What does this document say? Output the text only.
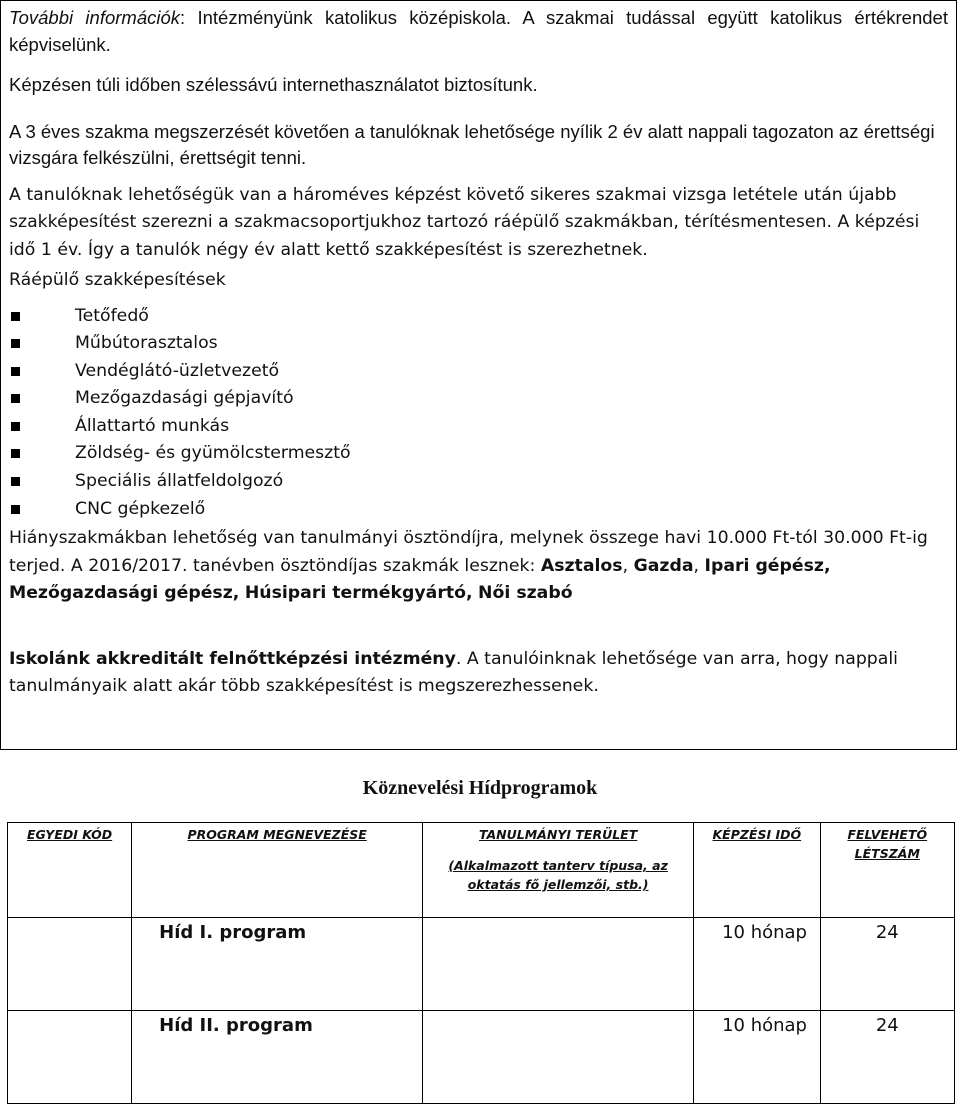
További információk: Intézményünk katolikus középiskola. A szakmai tudással együtt katolikus értékrendet képviselünk.

Képzésen túli időben szélessávú internethasználatot biztosítunk.

A 3 éves szakma megszerzését követően a tanulóknak lehetősége nyílik 2 év alatt nappali tagozaton az érettségi vizsgára felkészülni, érettségit tenni.

A tanulóknak lehetőségük van a hároméves képzést követő sikeres szakmai vizsga letétele után újabb szakképesítést szerezni a szakmacsoportjukhoz tartozó ráépülő szakmákban, térítésmentesen. A képzési idő 1 év. Így a tanulók négy év alatt kettő szakképesítést is szerezhetnek.

Ráépülő szakképesítések

Tetőfedő
Műbútorasztalos
Vendéglátó-üzletvezető
Mezőgazdasági gépjavító
Állattartó munkás
Zöldség- és gyümölcstermesztő
Speciális állatfeldolgozó
CNC gépkezelő

Hiányszakmákban lehetőség van tanulmányi ösztöndíjra, melynek összege havi 10.000 Ft-tól 30.000 Ft-ig terjed. A 2016/2017. tanévben ösztöndíjas szakmák lesznek: Asztalos, Gazda, Ipari gépész, Mezőgazdasági gépész, Húsipari termékgyártó, Női szabó

Iskolánk akkreditált felnőttképzési intézmény. A tanulóinknak lehetősége van arra, hogy nappali tanulmányaik alatt akár több szakképesítést is megszerezhessenek.

Köznevelési Hídprogramok
EGYEDI KÓD	PROGRAM MEGNEVEZÉSE	TANULMÁNYI TERÜLET
(Alkalmazott tanterv típusa, az oktatás fő jellemzői, stb.)	KÉPZÉSI IDŐ	FELVEHETŐ LÉTSZÁM
	Híd I. program		10 hónap	24
	Híd II. program		10 hónap	24
